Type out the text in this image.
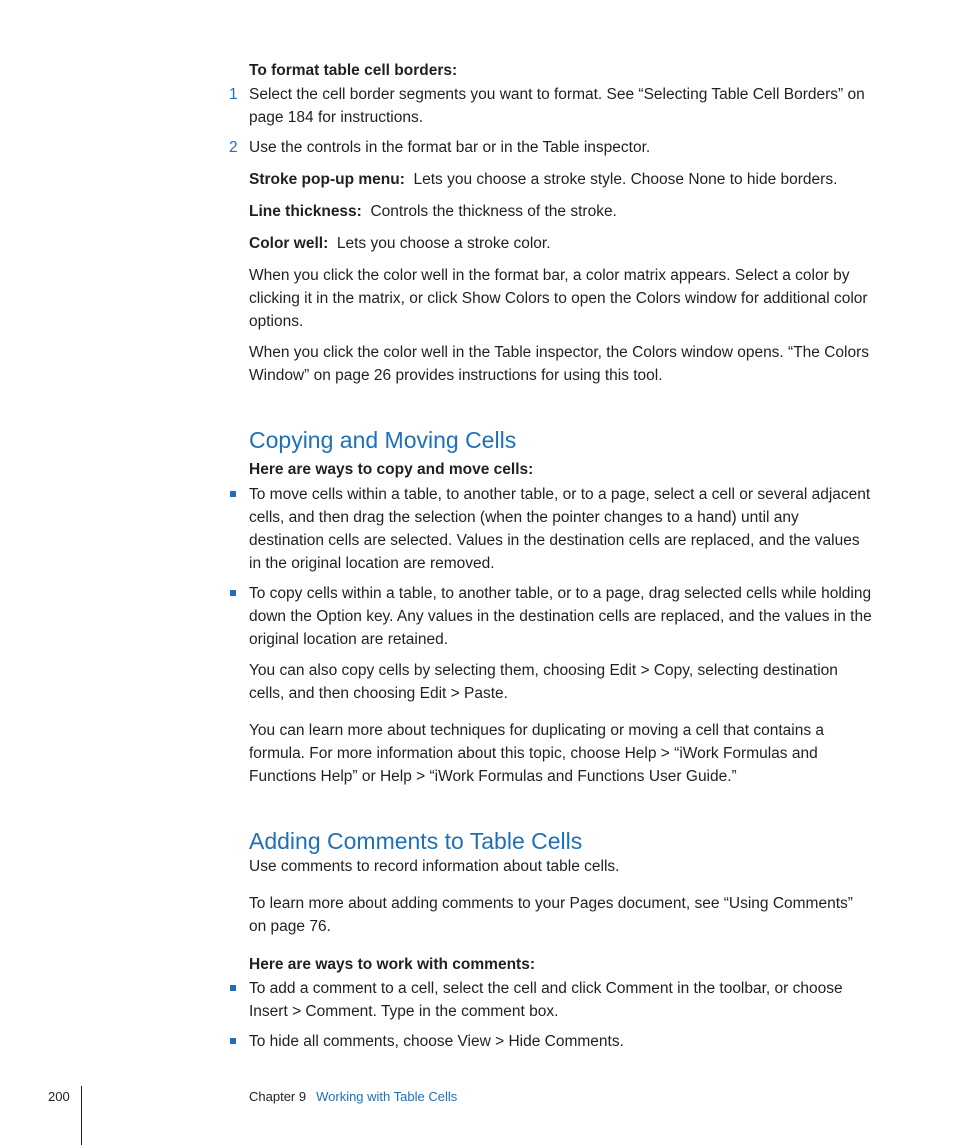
To format table cell borders:
1 Select the cell border segments you want to format. See “Selecting Table Cell Borders” on page 184 for instructions.
2 Use the controls in the format bar or in the Table inspector.
Stroke pop-up menu: Lets you choose a stroke style. Choose None to hide borders.
Line thickness: Controls the thickness of the stroke.
Color well: Lets you choose a stroke color.
When you click the color well in the format bar, a color matrix appears. Select a color by clicking it in the matrix, or click Show Colors to open the Colors window for additional color options.
When you click the color well in the Table inspector, the Colors window opens. “The Colors Window” on page 26 provides instructions for using this tool.
Copying and Moving Cells
Here are ways to copy and move cells:
To move cells within a table, to another table, or to a page, select a cell or several adjacent cells, and then drag the selection (when the pointer changes to a hand) until any destination cells are selected. Values in the destination cells are replaced, and the values in the original location are removed.
To copy cells within a table, to another table, or to a page, drag selected cells while holding down the Option key. Any values in the destination cells are replaced, and the values in the original location are retained.
You can also copy cells by selecting them, choosing Edit > Copy, selecting destination cells, and then choosing Edit > Paste.
You can learn more about techniques for duplicating or moving a cell that contains a formula. For more information about this topic, choose Help > “iWork Formulas and Functions Help” or Help > “iWork Formulas and Functions User Guide.”
Adding Comments to Table Cells
Use comments to record information about table cells.
To learn more about adding comments to your Pages document, see “Using Comments” on page 76.
Here are ways to work with comments:
To add a comment to a cell, select the cell and click Comment in the toolbar, or choose Insert > Comment. Type in the comment box.
To hide all comments, choose View > Hide Comments.
200	Chapter 9 Working with Table Cells
